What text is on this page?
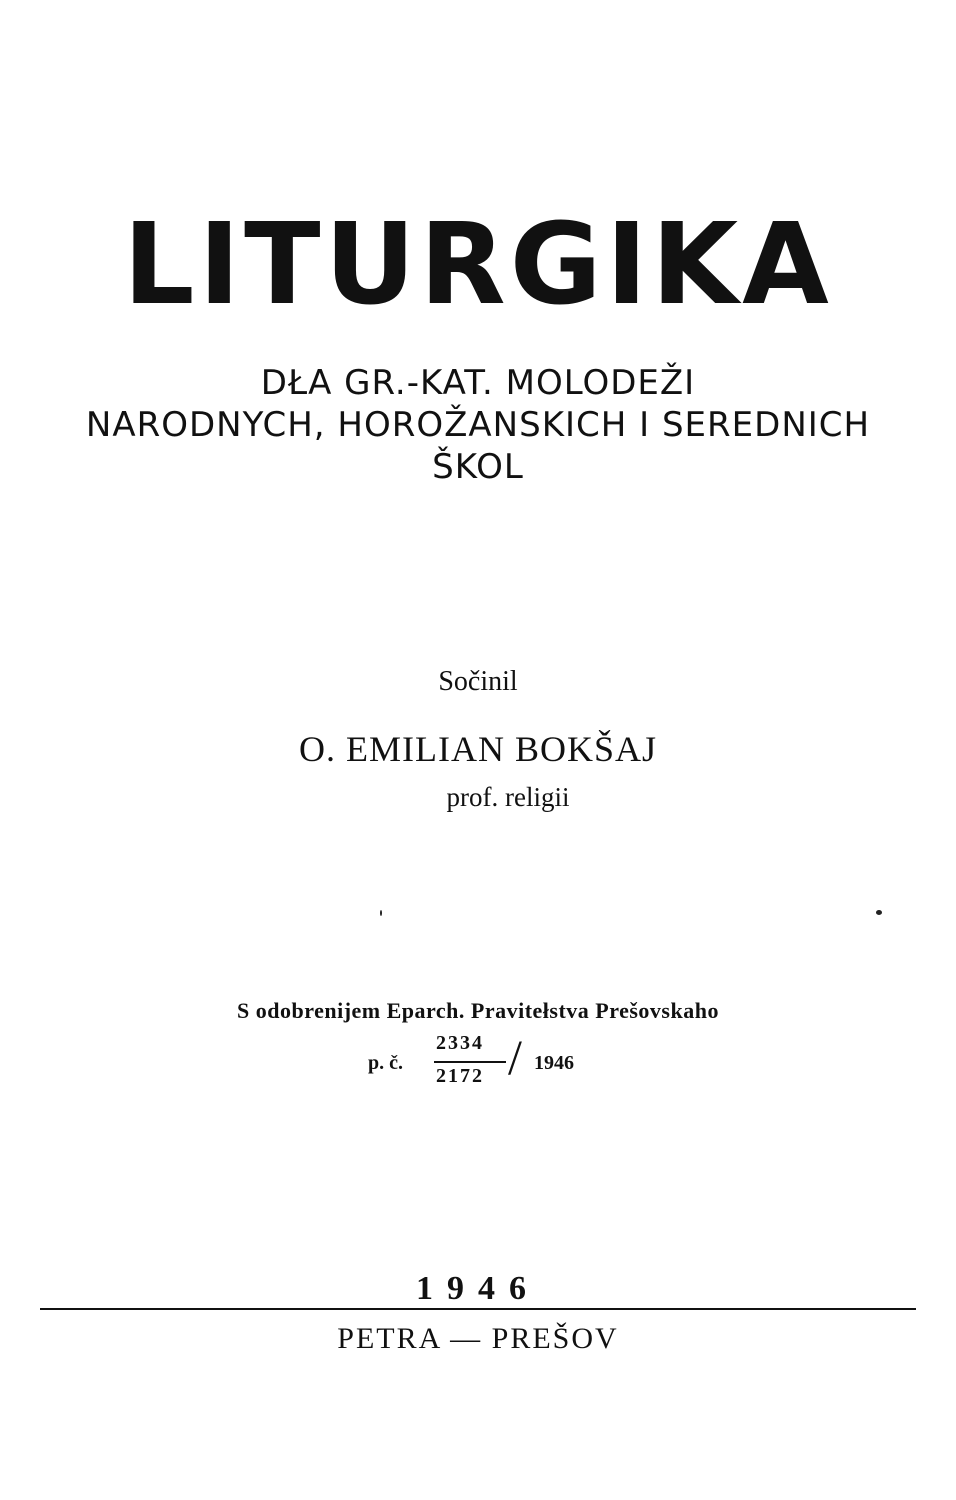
LITURGIKA
DŁA GR.-KAT. MOLODEŽI
NARODNYCH, HOROŽANSKICH I SEREDNICH
ŠKOL
Sočinil
O. EMILIAN BOKŠAJ
prof. religii
S odobrenijem Eparch. Pravitełstva Prešovskaho
p. č.
2334
2172 / 1946
1946
PETRA — PREŠOV
